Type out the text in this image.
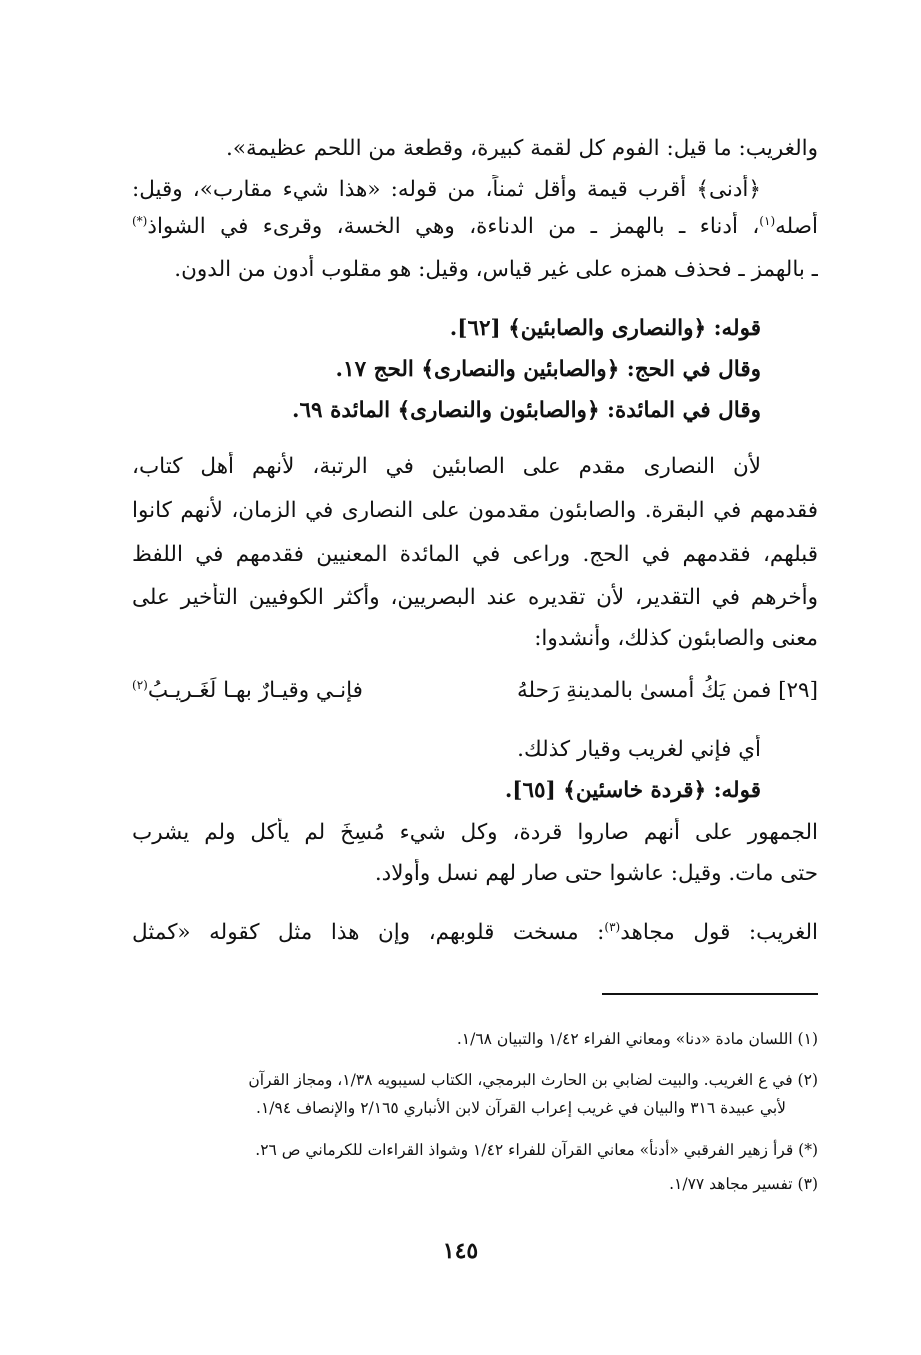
والغريب: ما قيل: الفوم كل لقمة كبيرة، وقطعة من اللحم عظيمة».
﴿أدنى﴾ أقرب قيمة وأقل ثمناً، من قوله: «هذا شيء مقارب»، وقيل:
أصله$^{(١)}$، أدناء ـ بالهمز ـ من الدناءة، وهي الخسة، وقرىء في الشواذ(*)
ـ بالهمز ـ فحذف همزه على غير قياس، وقيل: هو مقلوب أدون من الدون.
قوله: ﴿والنصارى والصابئين﴾ [٦٢].
وقال في الحج: ﴿والصابئين والنصارى﴾ الحج ١٧.
وقال في المائدة: ﴿والصابئون والنصارى﴾ المائدة ٦٩.
لأن النصارى مقدم على الصابئين في الرتبة، لأنهم أهل كتاب،
فقدمهم في البقرة. والصابئون مقدمون على النصارى في الزمان، لأنهم كانوا
قبلهم، فقدمهم في الحج. وراعى في المائدة المعنيين فقدمهم في اللفظ
وأخرهم في التقدير، لأن تقديره عند البصريين، وأكثر الكوفيين التأخير على
معنى والصابئون كذلك، وأنشدوا:
[٢٩] فمن يَكُ أمسىٰ بالمدينةِ رَحلهُ
فإنـي وقيـارٌ بهـا لَغَـريـبُ$^{(٢)}$
أي فإني لغريب وقيار كذلك.
قوله: ﴿قردة خاسئين﴾ [٦٥].
الجمهور على أنهم صاروا قردة، وكل شيء مُسِخَ لم يأكل ولم يشرب
حتى مات. وقيل: عاشوا حتى صار لهم نسل وأولاد.
الغريب: قول مجاهد$^{(٣)}$: مسخت قلوبهم، وإن هذا مثل كقوله «كمثل
(١) اللسان مادة «دنا» ومعاني الفراء ١/٤٢ والتبيان ١/٦٨.
(٢) في ع الغريب. والبيت لضابي بن الحارث البرمجي، الكتاب لسيبويه ١/٣٨، ومجاز القرآن
لأبي عبيدة ٣١٦ والبيان في غريب إعراب القرآن لابن الأنباري ٢/١٦٥ والإنصاف ١/٩٤.
(*) قرأ زهير الفرقبي «أدنأ» معاني القرآن للفراء ١/٤٢ وشواذ القراءات للكرماني ص ٢٦.
(٣) تفسير مجاهد ١/٧٧.
١٤٥
